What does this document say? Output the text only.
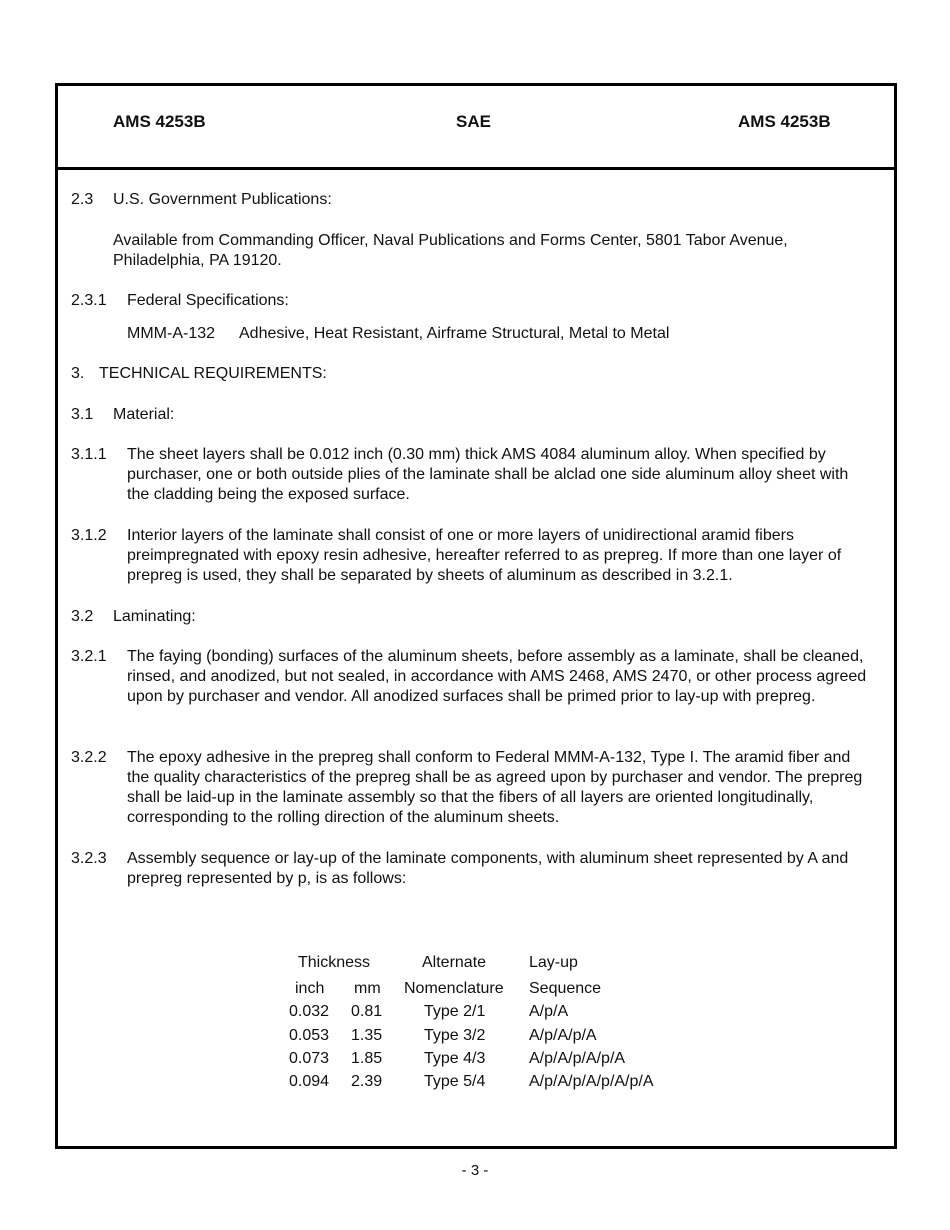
AMS 4253B	SAE	AMS 4253B
2.3 U.S. Government Publications:
Available from Commanding Officer, Naval Publications and Forms Center, 5801 Tabor Avenue, Philadelphia, PA 19120.
2.3.1 Federal Specifications:
MMM-A-132 Adhesive, Heat Resistant, Airframe Structural, Metal to Metal
3. TECHNICAL REQUIREMENTS:
3.1 Material:
3.1.1 The sheet layers shall be 0.012 inch (0.30 mm) thick AMS 4084 aluminum alloy. When specified by purchaser, one or both outside plies of the laminate shall be alclad one side aluminum alloy sheet with the cladding being the exposed surface.
3.1.2 Interior layers of the laminate shall consist of one or more layers of unidirectional aramid fibers preimpregnated with epoxy resin adhesive, hereafter referred to as prepreg. If more than one layer of prepreg is used, they shall be separated by sheets of aluminum as described in 3.2.1.
3.2 Laminating:
3.2.1 The faying (bonding) surfaces of the aluminum sheets, before assembly as a laminate, shall be cleaned, rinsed, and anodized, but not sealed, in accordance with AMS 2468, AMS 2470, or other process agreed upon by purchaser and vendor. All anodized surfaces shall be primed prior to lay-up with prepreg.
3.2.2 The epoxy adhesive in the prepreg shall conform to Federal MMM-A-132, Type I. The aramid fiber and the quality characteristics of the prepreg shall be as agreed upon by purchaser and vendor. The prepreg shall be laid-up in the laminate assembly so that the fibers of all layers are oriented longitudinally, corresponding to the rolling direction of the aluminum sheets.
3.2.3 Assembly sequence or lay-up of the laminate components, with aluminum sheet represented by A and prepreg represented by p, is as follows:
Thickness	Alternate	Lay-up
inch mm Nomenclature Sequence
0.032 0.81	Type 2/1	A/p/A
0.053 1.35	Type 3/2	A/p/A/p/A
0.073 1.85	Type 4/3	A/p/A/p/A/p/A
0.094 2.39	Type 5/4	A/p/A/p/A/p/A/p/A
- 3 -
